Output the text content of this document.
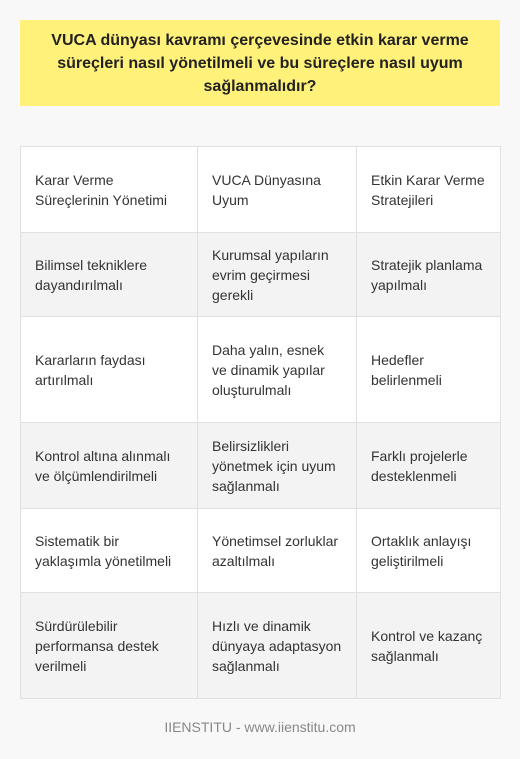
VUCA dünyası kavramı çerçevesinde etkin karar verme süreçleri nasıl yönetilmeli ve bu süreçlere nasıl uyum sağlanmalıdır?
Karar Verme Süreçlerinin Yönetimi	VUCA Dünyasına Uyum	Etkin Karar Verme Stratejileri
Bilimsel tekniklere dayandırılmalı	Kurumsal yapıların evrim geçirmesi gerekli	Stratejik planlama yapılmalı
Kararların faydası artırılmalı	Daha yalın, esnek ve dinamik yapılar oluşturulmalı	Hedefler belirlenmeli
Kontrol altına alınmalı ve ölçümlendirilmeli	Belirsizlikleri yönetmek için uyum sağlanmalı	Farklı projelerle desteklenmeli
Sistematik bir yaklaşımla yönetilmeli	Yönetimsel zorluklar azaltılmalı	Ortaklık anlayışı geliştirilmeli
Sürdürülebilir performansa destek verilmeli	Hızlı ve dinamik dünyaya adaptasyon sağlanmalı	Kontrol ve kazanç sağlanmalı
IIENSTITU - www.iienstitu.com
